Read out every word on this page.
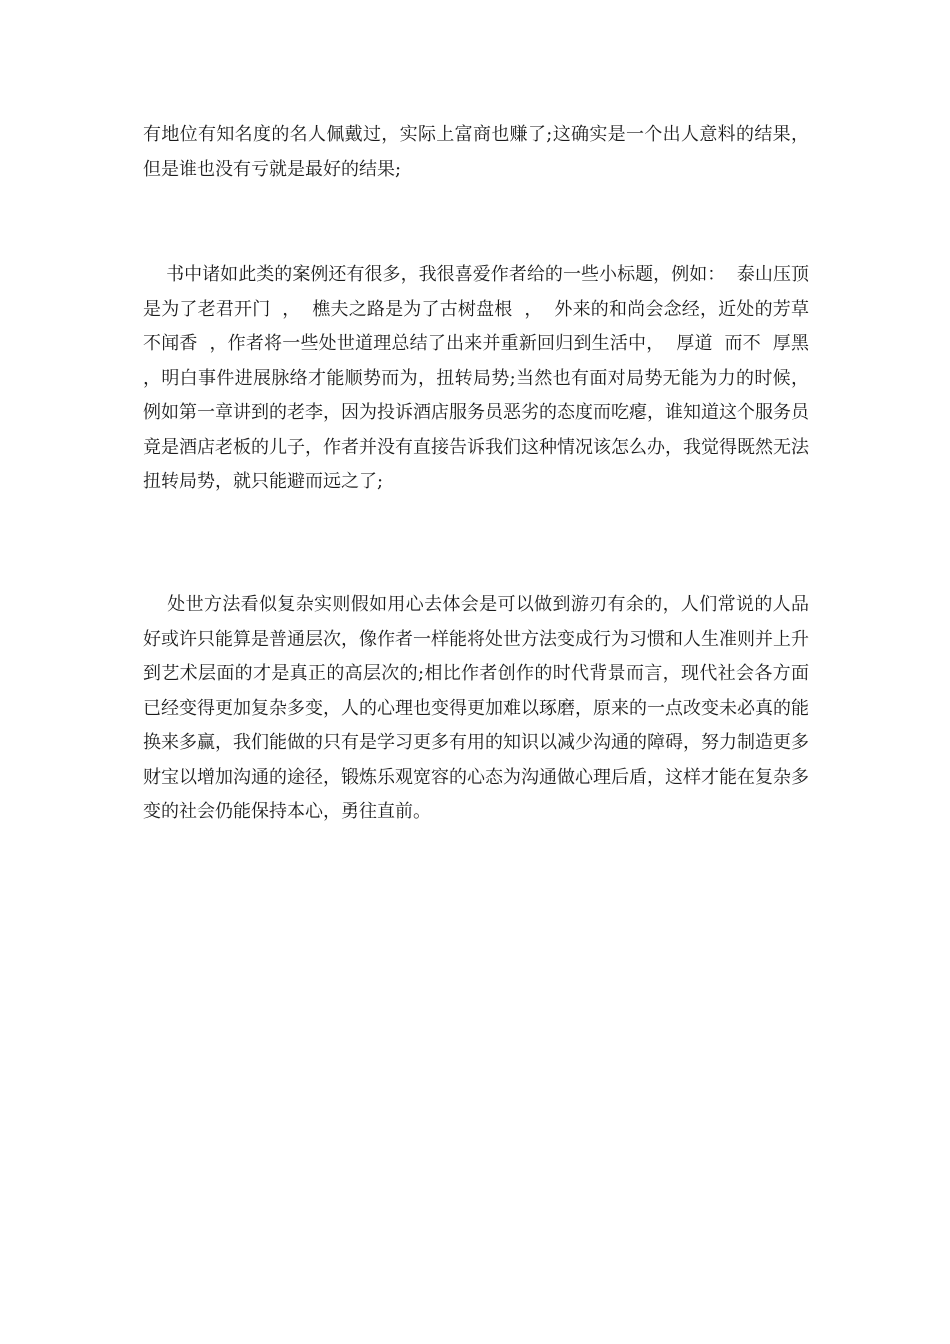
有地位有知名度的名人佩戴过，实际上富商也赚了;这确实是一个出人意料的结果，但是谁也没有亏就是最好的结果;

书中诸如此类的案例还有很多，我很喜爱作者给的一些小标题，例如：  泰山压顶是为了老君开门  ，  樵夫之路是为了古树盘根  ，  外来的和尚会念经，近处的芳草不闻香  ，作者将一些处世道理总结了出来并重新回归到生活中，  厚道  而不  厚黑  ，明白事件进展脉络才能顺势而为，扭转局势;当然也有面对局势无能为力的时候，例如第一章讲到的老李，因为投诉酒店服务员恶劣的态度而吃瘪，谁知道这个服务员竟是酒店老板的儿子，作者并没有直接告诉我们这种情况该怎么办，我觉得既然无法扭转局势，就只能避而远之了;

处世方法看似复杂实则假如用心去体会是可以做到游刃有余的，人们常说的人品好或许只能算是普通层次，像作者一样能将处世方法变成行为习惯和人生准则并上升到艺术层面的才是真正的高层次的;相比作者创作的时代背景而言，现代社会各方面已经变得更加复杂多变，人的心理也变得更加难以琢磨，原来的一点改变未必真的能换来多赢，我们能做的只有是学习更多有用的知识以减少沟通的障碍，努力制造更多财宝以增加沟通的途径，锻炼乐观宽容的心态为沟通做心理后盾，这样才能在复杂多变的社会仍能保持本心，勇往直前。
